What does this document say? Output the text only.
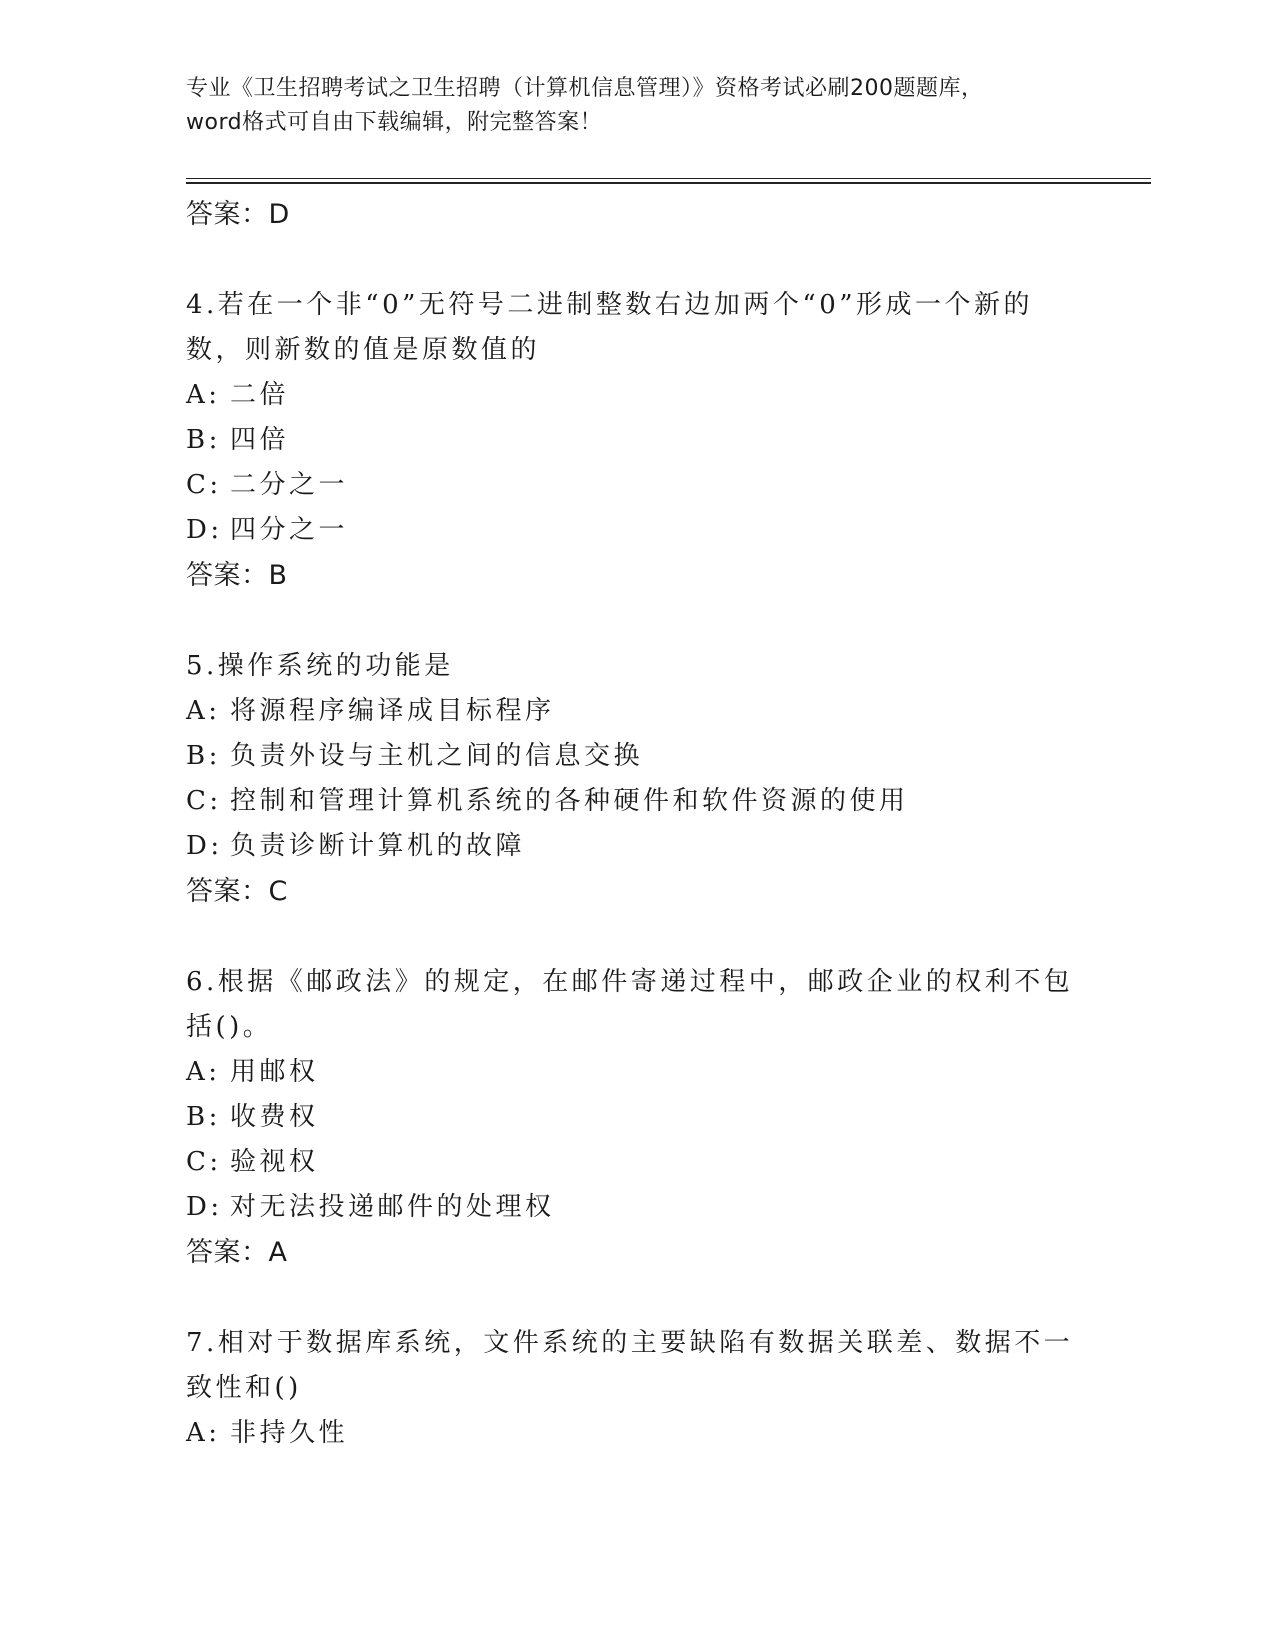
专业《卫生招聘考试之卫生招聘（计算机信息管理）》资格考试必刷200题题库，
word格式可自由下载编辑，附完整答案！
答案：D
4.若在一个非“0”无符号二进制整数右边加两个“0”形成一个新的数，则新数的值是原数值的
A: 二倍
B: 四倍
C: 二分之一
D: 四分之一
答案：B
5.操作系统的功能是
A: 将源程序编译成目标程序
B: 负责外设与主机之间的信息交换
C: 控制和管理计算机系统的各种硬件和软件资源的使用
D: 负责诊断计算机的故障
答案：C
6.根据《邮政法》的规定，在邮件寄递过程中，邮政企业的权利不包括()。
A: 用邮权
B: 收费权
C: 验视权
D: 对无法投递邮件的处理权
答案：A
7.相对于数据库系统，文件系统的主要缺陷有数据关联差、数据不一致性和()
A: 非持久性
